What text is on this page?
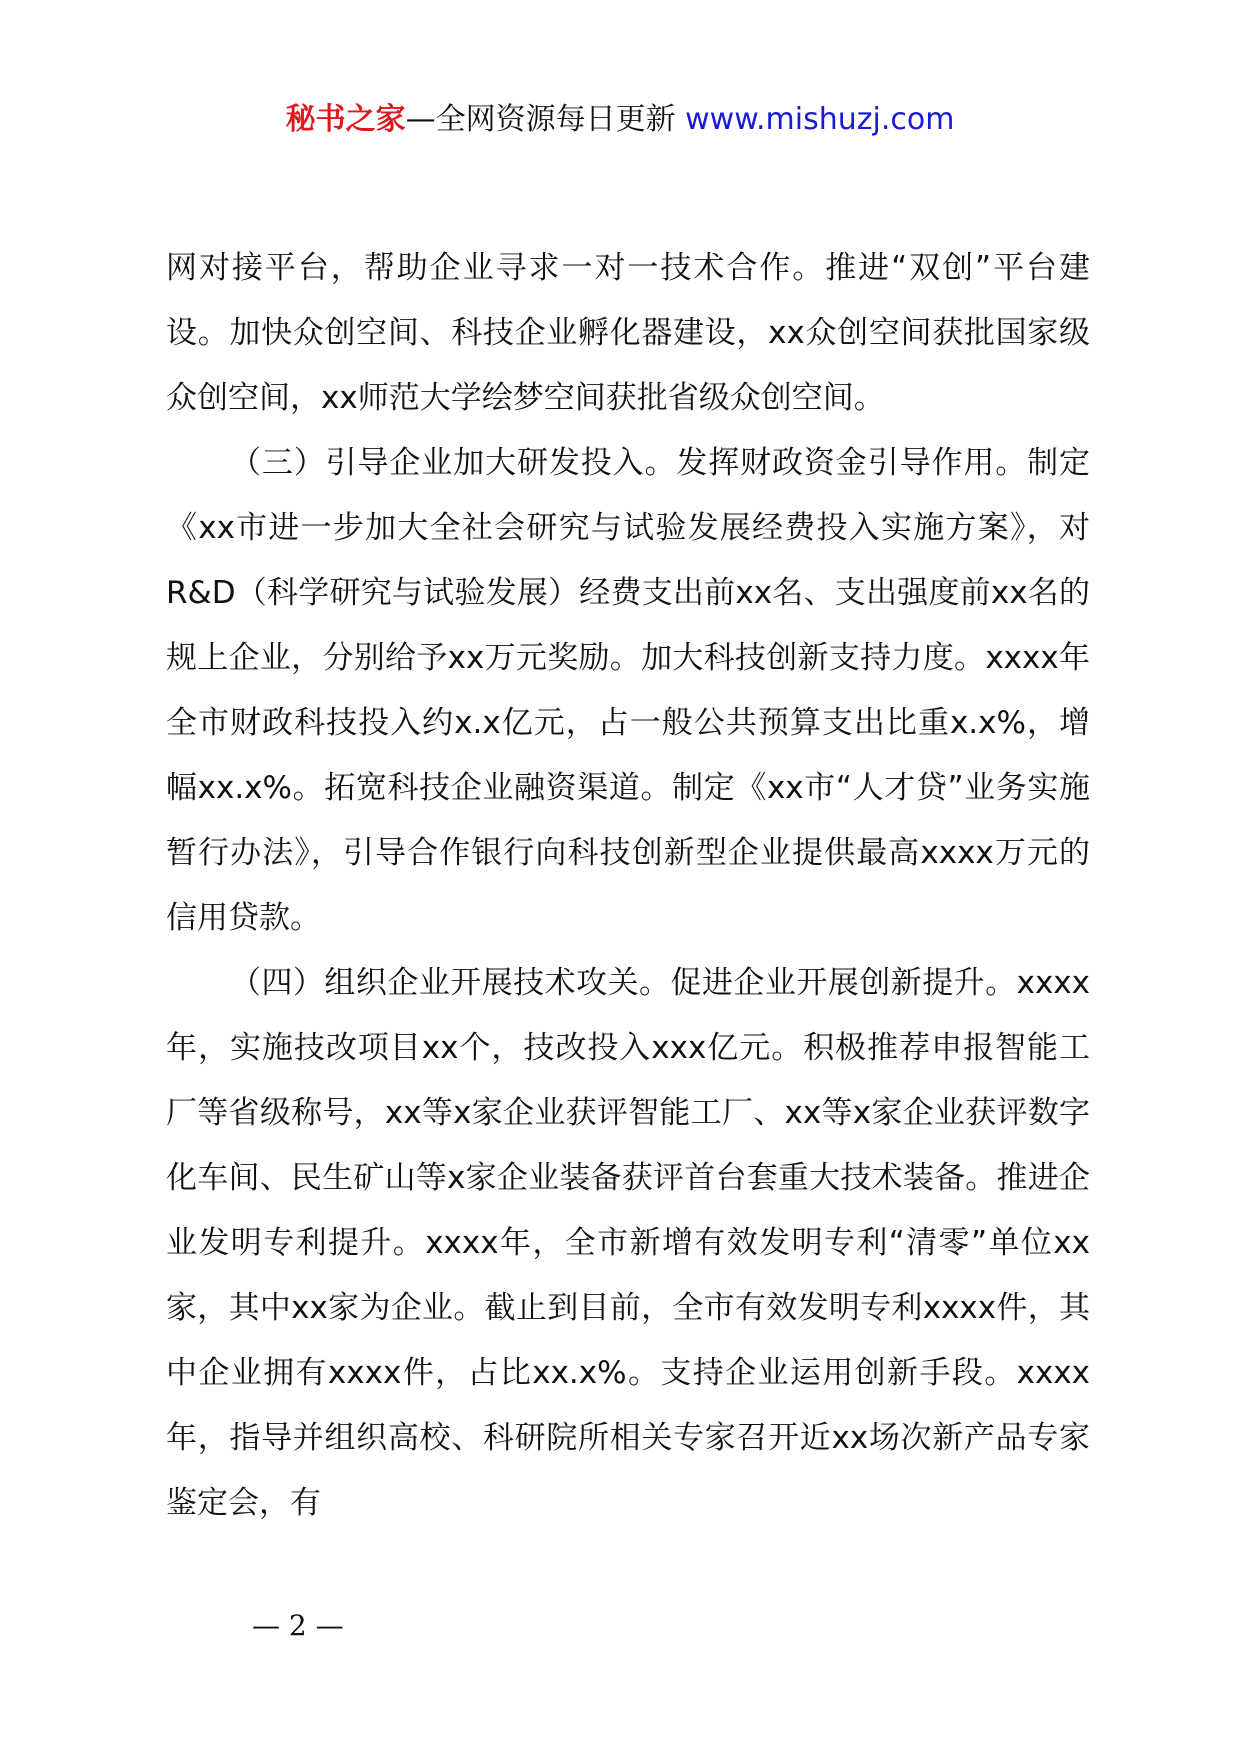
秘书之家—全网资源每日更新 www.mishuzj.com

网对接平台，帮助企业寻求一对一技术合作。推进“双创”平台建设。加快众创空间、科技企业孵化器建设，xx众创空间获批国家级众创空间，xx师范大学绘梦空间获批省级众创空间。

（三）引导企业加大研发投入。发挥财政资金引导作用。制定《xx市进一步加大全社会研究与试验发展经费投入实施方案》，对R&D（科学研究与试验发展）经费支出前xx名、支出强度前xx名的规上企业，分别给予xx万元奖励。加大科技创新支持力度。xxxx年全市财政科技投入约x.x亿元，占一般公共预算支出比重x.x%，增幅xx.x%。拓宽科技企业融资渠道。制定《xx市“人才贷”业务实施暂行办法》，引导合作银行向科技创新型企业提供最高xxxx万元的信用贷款。

（四）组织企业开展技术攻关。促进企业开展创新提升。xxxx年，实施技改项目xx个，技改投入xxx亿元。积极推荐申报智能工厂等省级称号，xx等x家企业获评智能工厂、xx等x家企业获评数字化车间、民生矿山等x家企业装备获评首台套重大技术装备。推进企业发明专利提升。xxxx年，全市新增有效发明专利“清零”单位xx家，其中xx家为企业。截止到目前，全市有效发明专利xxxx件，其中企业拥有xxxx件，占比xx.x%。支持企业运用创新手段。xxxx年，指导并组织高校、科研院所相关专家召开近xx场次新产品专家鉴定会，有

— 2 —
